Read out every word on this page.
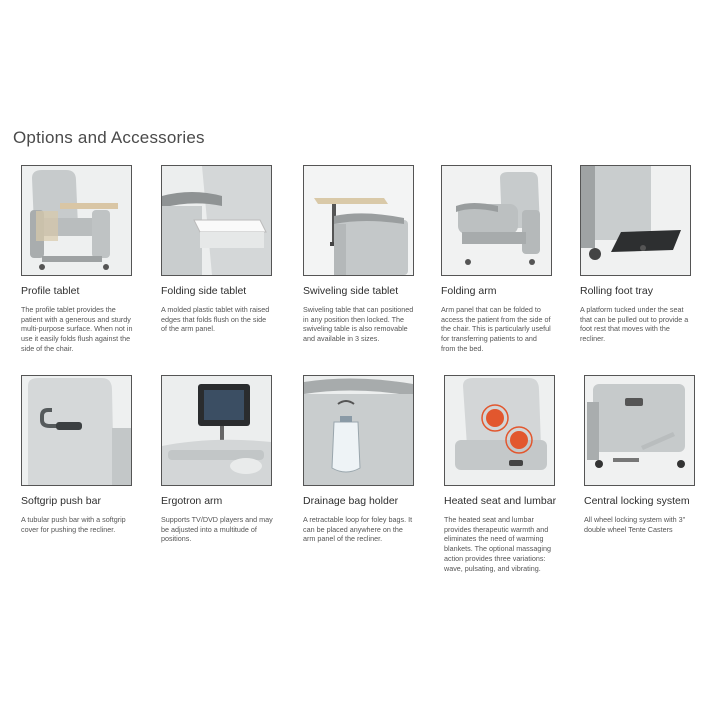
Options and Accessories
Profile tablet
The profile tablet provides the patient with a generous and sturdy multi-purpose surface. When not in use it easily folds flush against the side of the chair.
Folding side tablet
A molded plastic tablet with raised edges that folds flush on the side of the arm panel.
Swiveling side tablet
Swiveling table that can positioned in any position then locked. The swiveling table is also removable and available in 3 sizes.
Folding arm
Arm panel that can be folded to access the patient from the side of the chair. This is particularly useful for transferring patients to and from the bed.
Rolling foot tray
A platform tucked under the seat that can be pulled out to provide a foot rest that moves with the recliner.
Softgrip push bar
A tubular push bar with a softgrip cover for pushing the recliner.
Ergotron arm
Supports TV/DVD players and may be adjusted into a multitude of positions.
Drainage bag holder
A retractable loop for foley bags. It can be placed anywhere on the arm panel of the recliner.
Heated seat and lumbar
The heated seat and lumbar provides therapeutic warmth and eliminates the need of warming blankets. The optional massaging action provides three variations: wave, pulsating, and vibrating.
Central locking system
All wheel locking system with 3" double wheel Tente Casters
